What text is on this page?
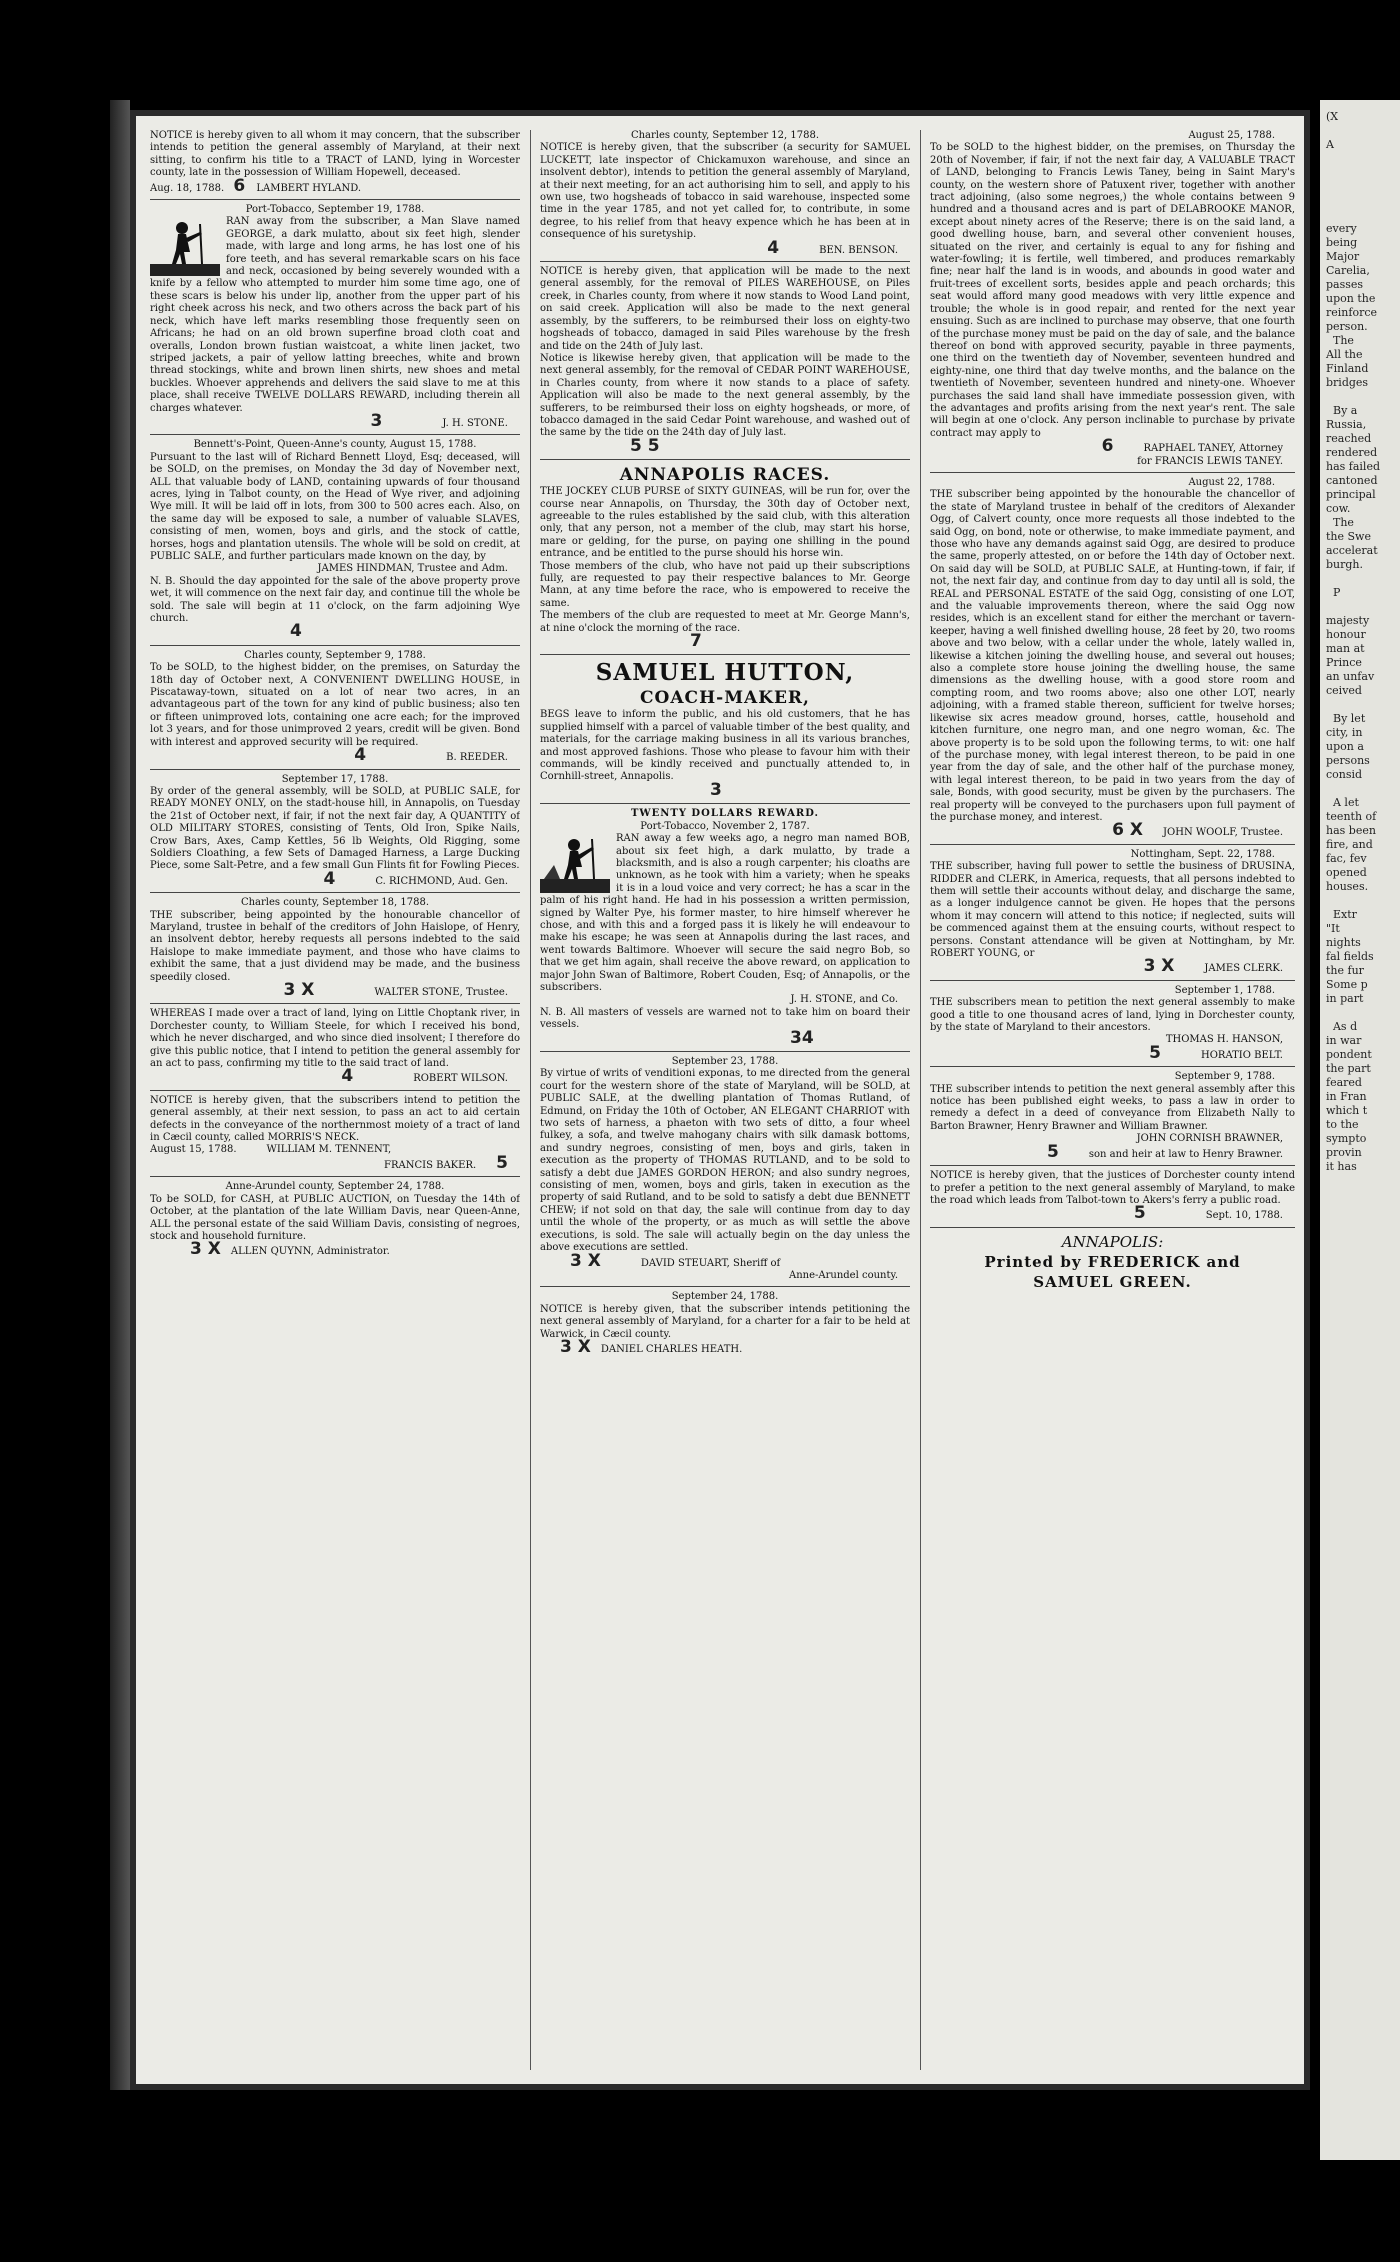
NOTICE is hereby given to all whom it may concern, that the subscriber intends to petition the general assembly of Maryland, at their next sitting, to confirm his title to a TRACT of LAND, lying in Worcester county, late in the possession of William Hopewell, deceased.

Aug. 18, 1788. 6 LAMBERT HYLAND.

Port-Tobacco, September 19, 1788.

RAN away from the subscriber, a Man Slave named GEORGE, a dark mulatto, about six feet high, slender made, with large and long arms, he has lost one of his fore teeth, and has several remarkable scars on his face and neck, occasioned by being severely wounded with a knife by a fellow who attempted to murder him some time ago, one of these scars is below his under lip, another from the upper part of his right cheek across his neck, and two others across the back part of his neck, which have left marks resembling those frequently seen on Africans; he had on an old brown superfine broad cloth coat and overalls, London brown fustian waistcoat, a white linen jacket, two striped jackets, a pair of yellow latting breeches, white and brown thread stockings, white and brown linen shirts, new shoes and metal buckles. Whoever apprehends and delivers the said slave to me at this place, shall receive TWELVE DOLLARS REWARD, including therein all charges whatever.

3	J. H. STONE.

Bennett's-Point, Queen-Anne's county, August 15, 1788.

Pursuant to the last will of Richard Bennett Lloyd, Esq; deceased, will be SOLD, on the premises, on Monday the 3d day of November next, ALL that valuable body of LAND, containing upwards of four thousand acres, lying in Talbot county, on the Head of Wye river, and adjoining Wye mill. It will be laid off in lots, from 300 to 500 acres each. Also, on the same day will be exposed to sale, a number of valuable SLAVES, consisting of men, women, boys and girls, and the stock of cattle, horses, hogs and plantation utensils. The whole will be sold on credit, at PUBLIC SALE, and further particulars made known on the day, by

JAMES HINDMAN, Trustee and Adm.

N. B. Should the day appointed for the sale of the above property prove wet, it will commence on the next fair day, and continue till the whole be sold. The sale will begin at 11 o'clock, on the farm adjoining Wye church.

4

Charles county, September 9, 1788.

To be SOLD, to the highest bidder, on the premises, on Saturday the 18th day of October next, A CONVENIENT DWELLING HOUSE, in Piscataway-town, situated on a lot of near two acres, in an advantageous part of the town for any kind of public business; also ten or fifteen unimproved lots, containing one acre each; for the improved lot 3 years, and for those unimproved 2 years, credit will be given. Bond with interest and approved security will be required.

4	B. REEDER.

September 17, 1788.

By order of the general assembly, will be SOLD, at PUBLIC SALE, for READY MONEY ONLY, on the stadt-house hill, in Annapolis, on Tuesday the 21st of October next, if fair, if not the next fair day, A QUANTITY of OLD MILITARY STORES, consisting of Tents, Old Iron, Spike Nails, Crow Bars, Axes, Camp Kettles, 56 lb Weights, Old Rigging, some Soldiers Cloathing, a few Sets of Damaged Harness, a Large Ducking Piece, some Salt-Petre, and a few small Gun Flints fit for Fowling Pieces.

4	C. RICHMOND, Aud. Gen.

Charles county, September 18, 1788.

THE subscriber, being appointed by the honourable chancellor of Maryland, trustee in behalf of the creditors of John Haislope, of Henry, an insolvent debtor, hereby requests all persons indebted to the said Haislope to make immediate payment, and those who have claims to exhibit the same, that a just dividend may be made, and the business speedily closed.

3 X	WALTER STONE, Trustee.

WHEREAS I made over a tract of land, lying on Little Choptank river, in Dorchester county, to William Steele, for which I received his bond, which he never discharged, and who since died insolvent; I therefore do give this public notice, that I intend to petition the general assembly for an act to pass, confirming my title to the said tract of land.

4	ROBERT WILSON.

NOTICE is hereby given, that the subscribers intend to petition the general assembly, at their next session, to pass an act to aid certain defects in the conveyance of the northernmost moiety of a tract of land in Cæcil county, called MORRIS'S NECK.

August 15, 1788.	WILLIAM M. TENNENT,

FRANCIS BAKER. 5

Anne-Arundel county, September 24, 1788.

To be SOLD, for CASH, at PUBLIC AUCTION, on Tuesday the 14th of October, at the plantation of the late William Davis, near Queen-Anne, ALL the personal estate of the said William Davis, consisting of negroes, stock and household furniture.

3 X ALLEN QUYNN, Administrator.

Charles county, September 12, 1788.

NOTICE is hereby given, that the subscriber (a security for SAMUEL LUCKETT, late inspector of Chickamuxon warehouse, and since an insolvent debtor), intends to petition the general assembly of Maryland, at their next meeting, for an act authorising him to sell, and apply to his own use, two hogsheads of tobacco in said warehouse, inspected some time in the year 1785, and not yet called for, to contribute, in some degree, to his relief from that heavy expence which he has been at in consequence of his suretyship.

4	BEN. BENSON.

NOTICE is hereby given, that application will be made to the next general assembly, for the removal of PILES WAREHOUSE, on Piles creek, in Charles county, from where it now stands to Wood Land point, on said creek. Application will also be made to the next general assembly, by the sufferers, to be reimbursed their loss on eighty-two hogsheads of tobacco, damaged in said Piles warehouse by the fresh and tide on the 24th of July last.

Notice is likewise hereby given, that application will be made to the next general assembly, for the removal of CEDAR POINT WAREHOUSE, in Charles county, from where it now stands to a place of safety. Application will also be made to the next general assembly, by the sufferers, to be reimbursed their loss on eighty hogsheads, or more, of tobacco damaged in the said Cedar Point warehouse, and washed out of the same by the tide on the 24th day of July last.

5 5

ANNAPOLIS RACES.

THE JOCKEY CLUB PURSE of SIXTY GUINEAS, will be run for, over the course near Annapolis, on Thursday, the 30th day of October next, agreeable to the rules established by the said club, with this alteration only, that any person, not a member of the club, may start his horse, mare or gelding, for the purse, on paying one shilling in the pound entrance, and be entitled to the purse should his horse win.

Those members of the club, who have not paid up their subscriptions fully, are requested to pay their respective balances to Mr. George Mann, at any time before the race, who is empowered to receive the same.

The members of the club are requested to meet at Mr. George Mann's, at nine o'clock the morning of the race.

7

SAMUEL HUTTON,

COACH-MAKER,

BEGS leave to inform the public, and his old customers, that he has supplied himself with a parcel of valuable timber of the best quality, and materials, for the carriage making business in all its various branches, and most approved fashions. Those who please to favour him with their commands, will be kindly received and punctually attended to, in Cornhill-street, Annapolis.

3

TWENTY DOLLARS REWARD.

Port-Tobacco, November 2, 1787.

RAN away a few weeks ago, a negro man named BOB, about six feet high, a dark mulatto, by trade a blacksmith, and is also a rough carpenter; his cloaths are unknown, as he took with him a variety; when he speaks it is in a loud voice and very correct; he has a scar in the palm of his right hand. He had in his possession a written permission, signed by Walter Pye, his former master, to hire himself wherever he chose, and with this and a forged pass it is likely he will endeavour to make his escape; he was seen at Annapolis during the last races, and went towards Baltimore. Whoever will secure the said negro Bob, so that we get him again, shall receive the above reward, on application to major John Swan of Baltimore, Robert Couden, Esq; of Annapolis, or the subscribers.

J. H. STONE, and Co.

N. B. All masters of vessels are warned not to take him on board their vessels.

34

September 23, 1788.

By virtue of writs of venditioni exponas, to me directed from the general court for the western shore of the state of Maryland, will be SOLD, at PUBLIC SALE, at the dwelling plantation of Thomas Rutland, of Edmund, on Friday the 10th of October, AN ELEGANT CHARRIOT with two sets of harness, a phaeton with two sets of ditto, a four wheel fulkey, a sofa, and twelve mahogany chairs with silk damask bottoms, and sundry negroes, consisting of men, boys and girls, taken in execution as the property of THOMAS RUTLAND, and to be sold to satisfy a debt due JAMES GORDON HERON; and also sundry negroes, consisting of men, women, boys and girls, taken in execution as the property of said Rutland, and to be sold to satisfy a debt due BENNETT CHEW; if not sold on that day, the sale will continue from day to day until the whole of the property, or as much as will settle the above executions, is sold. The sale will actually begin on the day unless the above executions are settled.

3 X	DAVID STEUART, Sheriff of

Anne-Arundel county.

September 24, 1788.

NOTICE is hereby given, that the subscriber intends petitioning the next general assembly of Maryland, for a charter for a fair to be held at Warwick, in Cæcil county.

3 X DANIEL CHARLES HEATH.

August 25, 1788.

To be SOLD to the highest bidder, on the premises, on Thursday the 20th of November, if fair, if not the next fair day, A VALUABLE TRACT of LAND, belonging to Francis Lewis Taney, being in Saint Mary's county, on the western shore of Patuxent river, together with another tract adjoining, (also some negroes,) the whole contains between 9 hundred and a thousand acres and is part of DELABROOKE MANOR, except about ninety acres of the Reserve; there is on the said land, a good dwelling house, barn, and several other convenient houses, situated on the river, and certainly is equal to any for fishing and water-fowling; it is fertile, well timbered, and produces remarkably fine; near half the land is in woods, and abounds in good water and fruit-trees of excellent sorts, besides apple and peach orchards; this seat would afford many good meadows with very little expence and trouble; the whole is in good repair, and rented for the next year ensuing. Such as are inclined to purchase may observe, that one fourth of the purchase money must be paid on the day of sale, and the balance thereof on bond with approved security, payable in three payments, one third on the twentieth day of November, seventeen hundred and eighty-nine, one third that day twelve months, and the balance on the twentieth of November, seventeen hundred and ninety-one. Whoever purchases the said land shall have immediate possession given, with the advantages and profits arising from the next year's rent. The sale will begin at one o'clock. Any person inclinable to purchase by private contract may apply to

6	RAPHAEL TANEY, Attorney

for FRANCIS LEWIS TANEY.

August 22, 1788.

THE subscriber being appointed by the honourable the chancellor of the state of Maryland trustee in behalf of the creditors of Alexander Ogg, of Calvert county, once more requests all those indebted to the said Ogg, on bond, note or otherwise, to make immediate payment, and those who have any demands against said Ogg, are desired to produce the same, properly attested, on or before the 14th day of October next. On said day will be SOLD, at PUBLIC SALE, at Hunting-town, if fair, if not, the next fair day, and continue from day to day until all is sold, the REAL and PERSONAL ESTATE of the said Ogg, consisting of one LOT, and the valuable improvements thereon, where the said Ogg now resides, which is an excellent stand for either the merchant or tavern-keeper, having a well finished dwelling house, 28 feet by 20, two rooms above and two below, with a cellar under the whole, lately walled in, likewise a kitchen joining the dwelling house, and several out houses; also a complete store house joining the dwelling house, the same dimensions as the dwelling house, with a good store room and compting room, and two rooms above; also one other LOT, nearly adjoining, with a framed stable thereon, sufficient for twelve horses; likewise six acres meadow ground, horses, cattle, household and kitchen furniture, one negro man, and one negro woman, &c. The above property is to be sold upon the following terms, to wit: one half of the purchase money, with legal interest thereon, to be paid in one year from the day of sale, and the other half of the purchase money, with legal interest thereon, to be paid in two years from the day of sale, Bonds, with good security, must be given by the purchasers. The real property will be conveyed to the purchasers upon full payment of the purchase money, and interest.

6 X JOHN WOOLF, Trustee.

Nottingham, Sept. 22, 1788.

THE subscriber, having full power to settle the business of DRUSINA, RIDDER and CLERK, in America, requests, that all persons indebted to them will settle their accounts without delay, and discharge the same, as a longer indulgence cannot be given. He hopes that the persons whom it may concern will attend to this notice; if neglected, suits will be commenced against them at the ensuing courts, without respect to persons. Constant attendance will be given at Nottingham, by Mr. ROBERT YOUNG, or

3 X	JAMES CLERK.

September 1, 1788.

THE subscribers mean to petition the next general assembly to make good a title to one thousand acres of land, lying in Dorchester county, by the state of Maryland to their ancestors.

THOMAS H. HANSON,

5	HORATIO BELT.

September 9, 1788.

THE subscriber intends to petition the next general assembly after this notice has been published eight weeks, to pass a law in order to remedy a defect in a deed of conveyance from Elizabeth Nally to Barton Brawner, Henry Brawner and William Brawner.

JOHN CORNISH BRAWNER,

5	son and heir at law to Henry Brawner.

NOTICE is hereby given, that the justices of Dorchester county intend to prefer a petition to the next general assembly of Maryland, to make the road which leads from Talbot-town to Akers's ferry a public road.

5	Sept. 10, 1788.

ANNAPOLIS:
Printed by FREDERICK and
SAMUEL GREEN.
(X

A

every
being
Major
Carelia,
passes
upon the
reinforce
person.
The
All the
Finland
bridges

By a
Russia,
reached
rendered
has failed
cantoned
principal
cow.
The
the Swe
accelerat
burgh.

P

majesty
honour
man at
Prince
an unfav
ceived

By let
city, in
upon a
persons
consid

A let
teenth of
has been
fire, and
fac, fev
opened
houses.

Extr
"It
nights
fal fields
the fur
Some p
in part

As d
in war
pondent
the part
feared
in Fran
which t
to the
sympto
provin
it has
